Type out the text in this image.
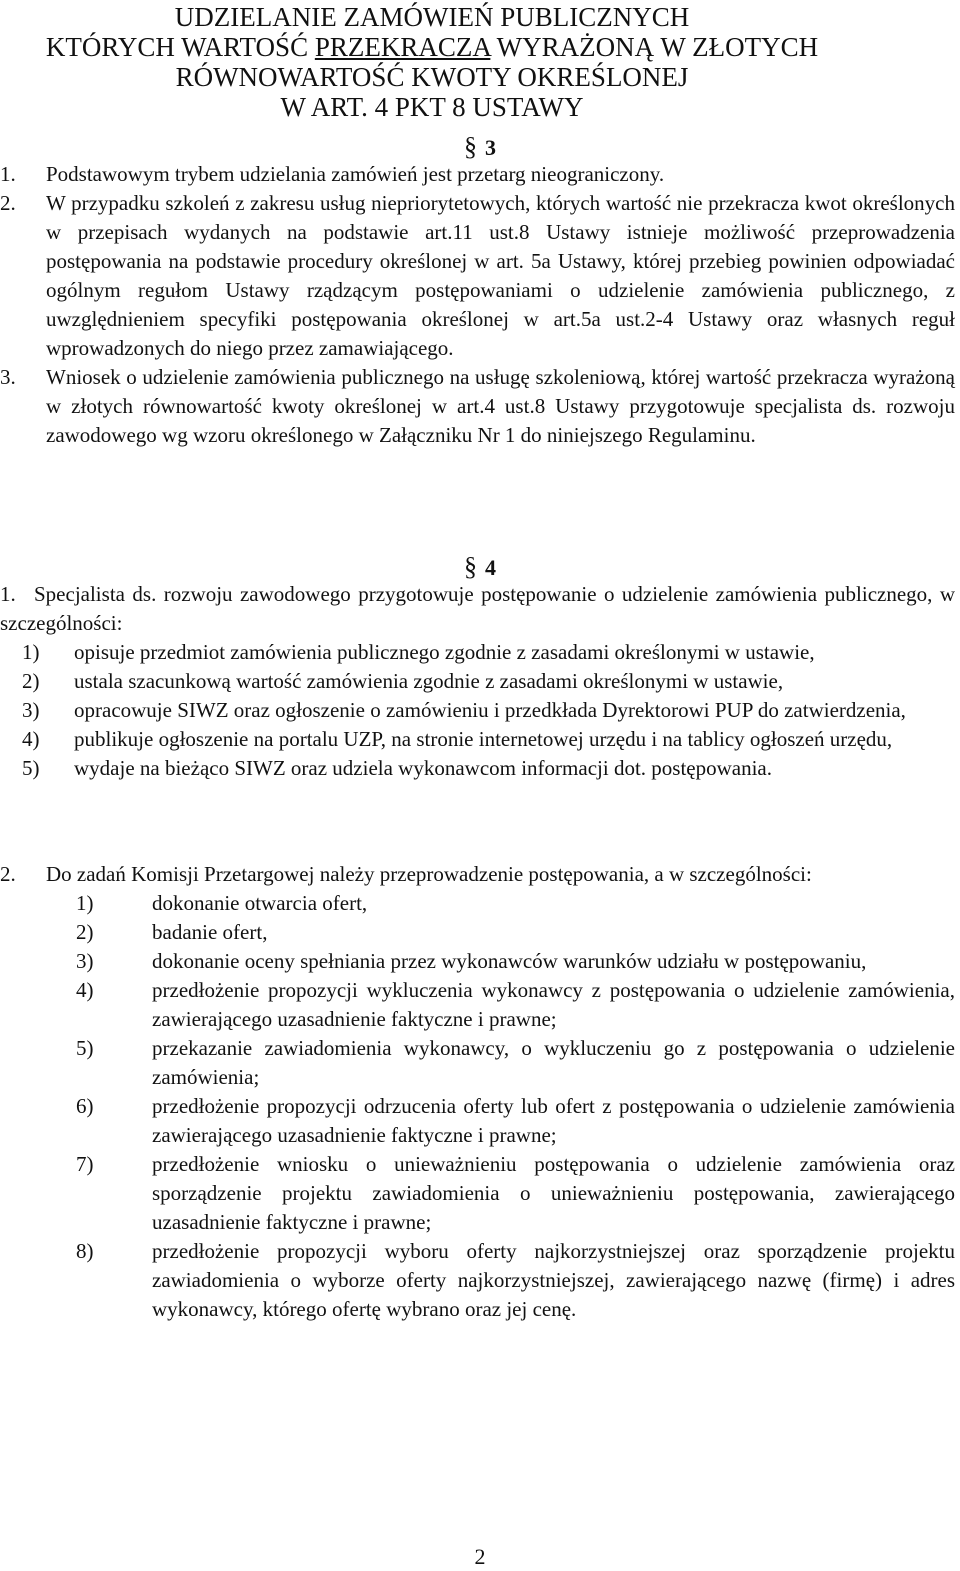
UDZIELANIE ZAMÓWIEŃ PUBLICZNYCH
KTÓRYCH WARTOŚĆ PRZEKRACZA WYRAŻONĄ W ZŁOTYCH
RÓWNOWARTOŚĆ KWOTY OKREŚLONEJ
W ART. 4 PKT 8 USTAWY
§ 3
1. Podstawowym trybem udzielania zamówień jest przetarg nieograniczony.
2. W przypadku szkoleń z zakresu usług niepriorytetowych, których wartość nie przekracza kwot określonych w przepisach wydanych na podstawie art.11 ust.8 Ustawy istnieje możliwość przeprowadzenia postępowania na podstawie procedury określonej w art. 5a Ustawy, której przebieg powinien odpowiadać ogólnym regułom Ustawy rządzącym postępowaniami o udzielenie zamówienia publicznego, z uwzględnieniem specyfiki postępowania określonej w art.5a ust.2-4 Ustawy oraz własnych reguł wprowadzonych do niego przez zamawiającego.
3. Wniosek o udzielenie zamówienia publicznego na usługę szkoleniową, której wartość przekracza wyrażoną w złotych równowartość kwoty określonej w art.4 ust.8 Ustawy przygotowuje specjalista ds. rozwoju zawodowego wg wzoru określonego w Załączniku Nr 1 do niniejszego Regulaminu.
§ 4
1. Specjalista ds. rozwoju zawodowego przygotowuje postępowanie o udzielenie zamówienia publicznego, w szczególności:
1) opisuje przedmiot zamówienia publicznego zgodnie z zasadami określonymi w ustawie,
2) ustala szacunkową wartość zamówienia zgodnie z zasadami określonymi w ustawie,
3) opracowuje SIWZ oraz ogłoszenie o zamówieniu i przedkłada Dyrektorowi PUP do zatwierdzenia,
4) publikuje ogłoszenie na portalu UZP, na stronie internetowej urzędu i na tablicy ogłoszeń urzędu,
5) wydaje na bieżąco SIWZ oraz udziela wykonawcom informacji dot. postępowania.
2. Do zadań Komisji Przetargowej należy przeprowadzenie postępowania, a w szczególności:
1)	dokonanie otwarcia ofert,
2)	badanie ofert,
3)	dokonanie oceny spełniania przez wykonawców warunków udziału w postępowaniu,
4)	przedłożenie propozycji wykluczenia wykonawcy z postępowania o udzielenie zamówienia, zawierającego uzasadnienie faktyczne i prawne;
5)	przekazanie zawiadomienia wykonawcy, o wykluczeniu go z postępowania o udzielenie zamówienia;
6)	przedłożenie propozycji odrzucenia oferty lub ofert z postępowania o udzielenie zamówienia zawierającego uzasadnienie faktyczne i prawne;
7)	przedłożenie wniosku o unieważnieniu postępowania o udzielenie zamówienia oraz sporządzenie projektu zawiadomienia o unieważnieniu postępowania, zawierającego uzasadnienie faktyczne i prawne;
8)	przedłożenie propozycji wyboru oferty najkorzystniejszej oraz sporządzenie projektu zawiadomienia o wyborze oferty najkorzystniejszej, zawierającego nazwę (firmę) i adres wykonawcy, którego ofertę wybrano oraz jej cenę.
2
